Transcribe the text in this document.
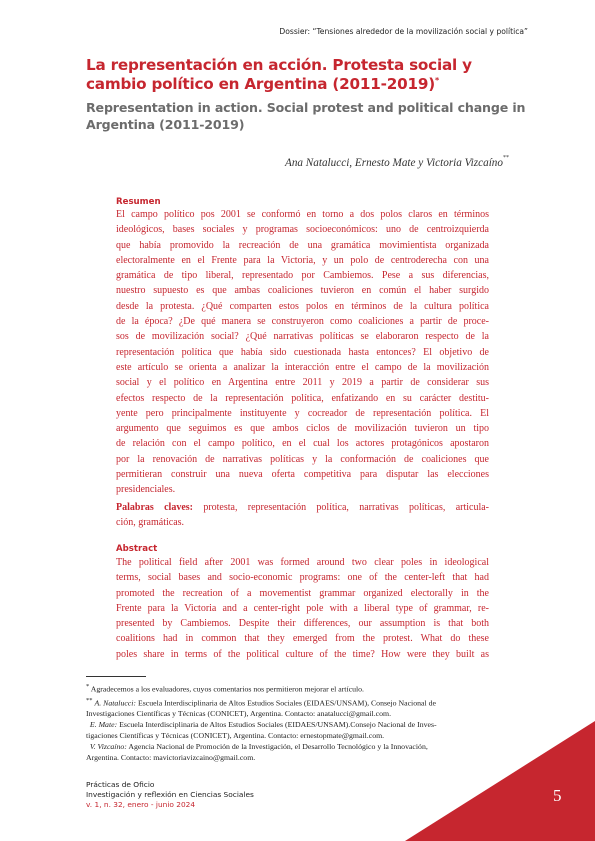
Dossier: “Tensiones alrededor de la movilización social y política”
La representación en acción. Protesta social y
cambio político en Argentina (2011-2019)*
Representation in action. Social protest and political change in
Argentina (2011-2019)
Ana Natalucci, Ernesto Mate y Victoria Vizcaíno**
Resumen
El campo político pos 2001 se conformó en torno a dos polos claros en términos
ideológicos, bases sociales y programas socioeconómicos: uno de centroizquierda
que había promovido la recreación de una gramática movimientista organizada
electoralmente en el Frente para la Victoria, y un polo de centroderecha con una
gramática de tipo liberal, representado por Cambiemos. Pese a sus diferencias,
nuestro supuesto es que ambas coaliciones tuvieron en común el haber surgido
desde la protesta. ¿Qué comparten estos polos en términos de la cultura política
de la época? ¿De qué manera se construyeron como coaliciones a partir de proce-
sos de movilización social? ¿Qué narrativas políticas se elaboraron respecto de la
representación política que había sido cuestionada hasta entonces? El objetivo de
este artículo se orienta a analizar la interacción entre el campo de la movilización
social y el político en Argentina entre 2011 y 2019 a partir de considerar sus
efectos respecto de la representación política, enfatizando en su carácter destitu-
yente pero principalmente instituyente y cocreador de representación política. El
argumento que seguimos es que ambos ciclos de movilización tuvieron un tipo
de relación con el campo político, en el cual los actores protagónicos apostaron
por la renovación de narrativas políticas y la conformación de coaliciones que
permitieran construir una nueva oferta competitiva para disputar las elecciones
presidenciales.
Palabras claves: protesta, representación política, narrativas políticas, articula-
ción, gramáticas.
Abstract
The political field after 2001 was formed around two clear poles in ideological
terms, social bases and socio-economic programs: one of the center-left that had
promoted the recreation of a movementist grammar organized electorally in the
Frente para la Victoria and a center-right pole with a liberal type of grammar, re-
presented by Cambiemos. Despite their differences, our assumption is that both
coalitions had in common that they emerged from the protest. What do these
poles share in terms of the political culture of the time? How were they built as
* Agradecemos a los evaluadores, cuyos comentarios nos permitieron mejorar el artículo.
** A. Natalucci: Escuela Interdisciplinaria de Altos Estudios Sociales (EIDAES/UNSAM), Consejo Nacional de
Investigaciones Científicas y Técnicas (CONICET), Argentina. Contacto: anatalucci@gmail.com.
E. Mate: Escuela Interdisciplinaria de Altos Estudios Sociales (EIDAES/UNSAM).Consejo Nacional de Inves-
tigaciones Científicas y Técnicas (CONICET), Argentina. Contacto: ernestopmate@gmail.com.
V. Vizcaíno: Agencia Nacional de Promoción de la Investigación, el Desarrollo Tecnológico y la Innovación,
Argentina. Contacto: mavictoriavizcaino@gmail.com.
Prácticas de Oficio
Investigación y reflexión en Ciencias Sociales
v. 1, n. 32, enero - junio 2024	5
